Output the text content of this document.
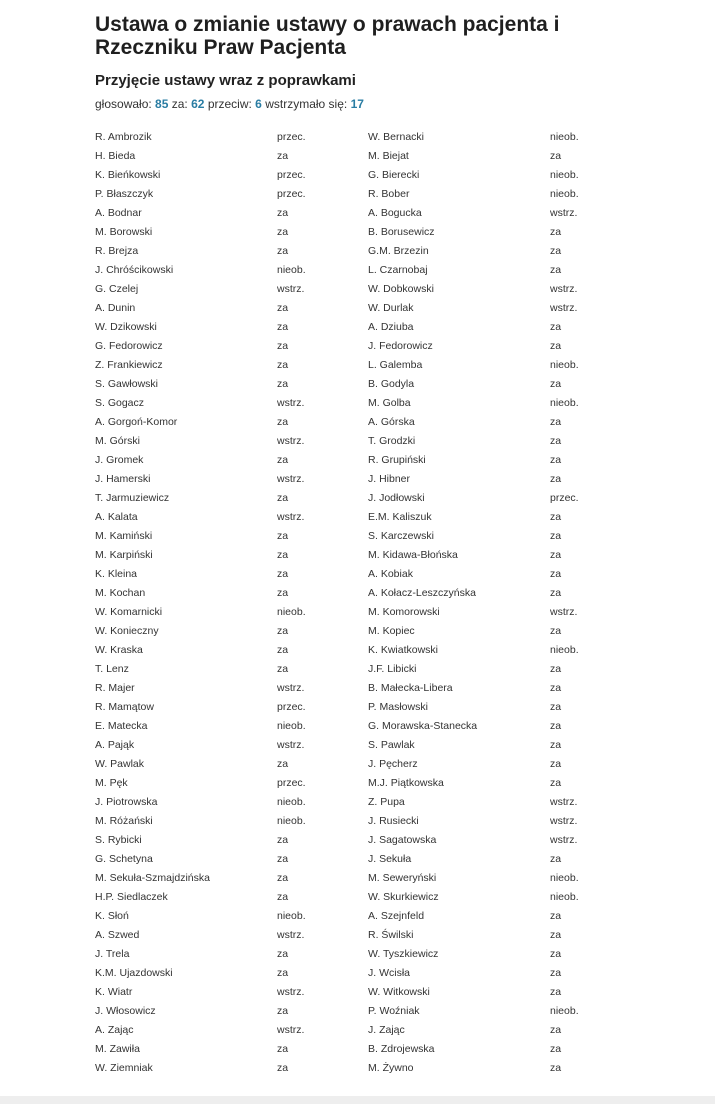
Ustawa o zmianie ustawy o prawach pacjenta i Rzeczniku Praw Pacjenta
Przyjęcie ustawy wraz z poprawkami
głosowało: 85 za: 62 przeciw: 6 wstrzymało się: 17
R. Ambrozik	przec.
H. Bieda	za
K. Bieńkowski	przec.
P. Błaszczyk	przec.
A. Bodnar	za
M. Borowski	za
R. Brejza	za
J. Chróścikowski	nieob.
G. Czelej	wstrz.
A. Dunin	za
W. Dzikowski	za
G. Fedorowicz	za
Z. Frankiewicz	za
S. Gawłowski	za
S. Gogacz	wstrz.
A. Gorgoń-Komor	za
M. Górski	wstrz.
J. Gromek	za
J. Hamerski	wstrz.
T. Jarmuziewicz	za
A. Kalata	wstrz.
M. Kamiński	za
M. Karpiński	za
K. Kleina	za
M. Kochan	za
W. Komarnicki	nieob.
W. Konieczny	za
W. Kraska	za
T. Lenz	za
R. Majer	wstrz.
R. Mamątow	przec.
E. Matecka	nieob.
A. Pająk	wstrz.
W. Pawlak	za
M. Pęk	przec.
J. Piotrowska	nieob.
M. Różański	nieob.
S. Rybicki	za
G. Schetyna	za
M. Sekuła-Szmajdzińska	za
H.P. Siedlaczek	za
K. Słoń	nieob.
A. Szwed	wstrz.
J. Trela	za
K.M. Ujazdowski	za
K. Wiatr	wstrz.
J. Włosowicz	za
A. Zając	wstrz.
M. Zawiła	za
W. Ziemniak	za
W. Bernacki	nieob.
M. Biejat	za
G. Bierecki	nieob.
R. Bober	nieob.
A. Bogucka	wstrz.
B. Borusewicz	za
G.M. Brzezin	za
L. Czarnobaj	za
W. Dobkowski	wstrz.
W. Durlak	wstrz.
A. Dziuba	za
J. Fedorowicz	za
L. Galemba	nieob.
B. Godyla	za
M. Golba	nieob.
A. Górska	za
T. Grodzki	za
R. Grupiński	za
J. Hibner	za
J. Jodłowski	przec.
E.M. Kaliszuk	za
S. Karczewski	za
M. Kidawa-Błońska	za
A. Kobiak	za
A. Kołacz-Leszczyńska	za
M. Komorowski	wstrz.
M. Kopiec	za
K. Kwiatkowski	nieob.
J.F. Libicki	za
B. Małecka-Libera	za
P. Masłowski	za
G. Morawska-Stanecka	za
S. Pawlak	za
J. Pęcherz	za
M.J. Piątkowska	za
Z. Pupa	wstrz.
J. Rusiecki	wstrz.
J. Sagatowska	wstrz.
J. Sekuła	za
M. Seweryński	nieob.
W. Skurkiewicz	nieob.
A. Szejnfeld	za
R. Świlski	za
W. Tyszkiewicz	za
J. Wcisła	za
W. Witkowski	za
P. Woźniak	nieob.
J. Zając	za
B. Zdrojewska	za
M. Żywno	za
